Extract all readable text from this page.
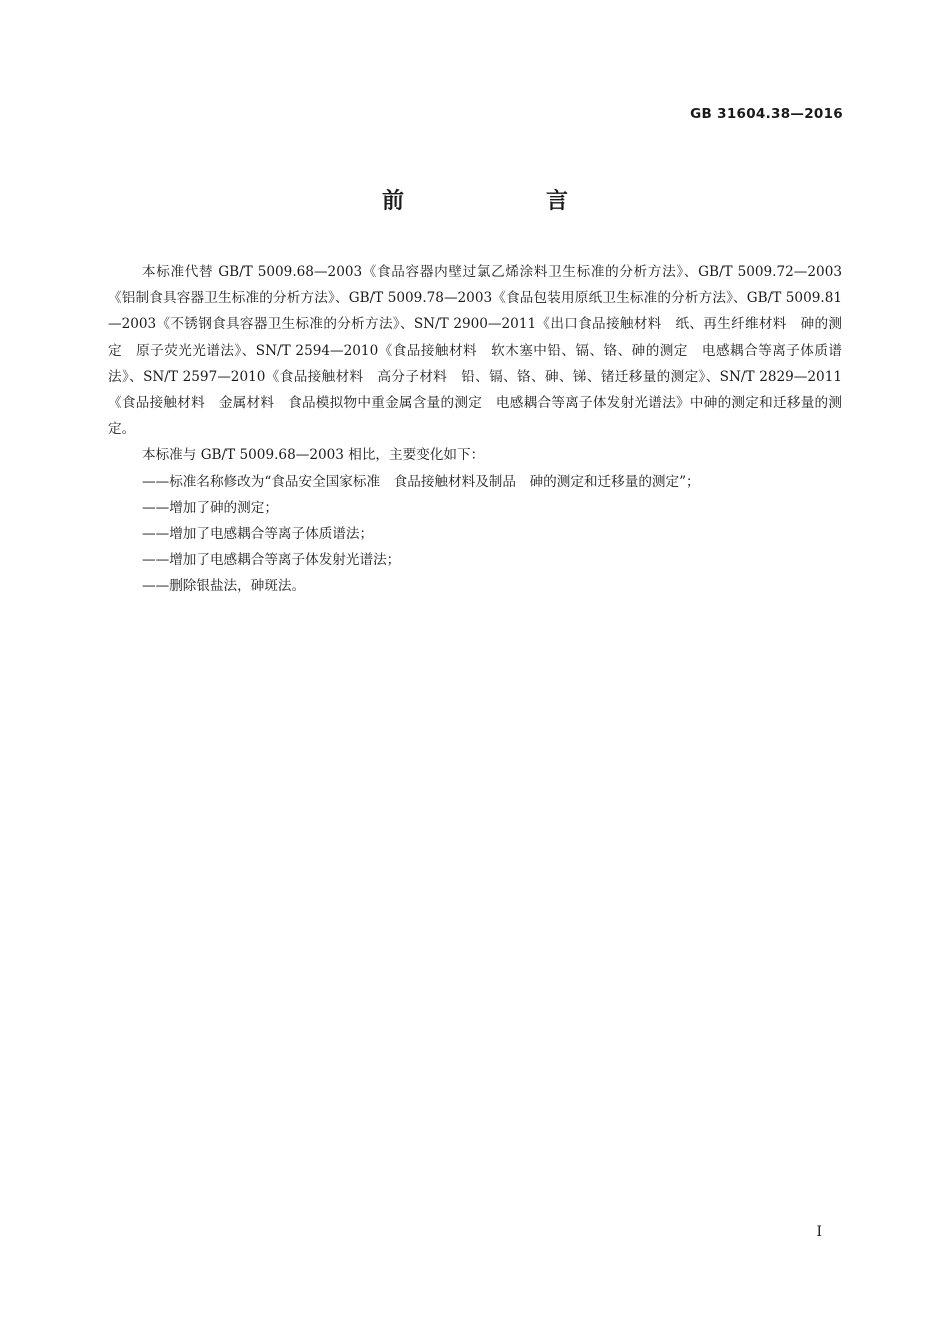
GB 31604.38—2016
前　言

本标准代替 GB/T 5009.68—2003《食品容器内壁过氯乙烯涂料卫生标准的分析方法》、GB/T 5009.72—2003《铝制食具容器卫生标准的分析方法》、GB/T 5009.78—2003《食品包装用原纸卫生标准的分析方法》、GB/T 5009.81—2003《不锈钢食具容器卫生标准的分析方法》、SN/T 2900—2011《出口食品接触材料　纸、再生纤维材料　砷的测定　原子荧光光谱法》、SN/T 2594—2010《食品接触材料　软木塞中铅、镉、铬、砷的测定　电感耦合等离子体质谱法》、SN/T 2597—2010《食品接触材料　高分子材料　铅、镉、铬、砷、锑、锗迁移量的测定》、SN/T 2829—2011《食品接触材料　金属材料　食品模拟物中重金属含量的测定　电感耦合等离子体发射光谱法》中砷的测定和迁移量的测定。

本标准与 GB/T 5009.68—2003 相比，主要变化如下：

——标准名称修改为“食品安全国家标准　食品接触材料及制品　砷的测定和迁移量的测定”；

——增加了砷的测定；

——增加了电感耦合等离子体质谱法；

——增加了电感耦合等离子体发射光谱法；

——删除银盐法，砷斑法。

I
